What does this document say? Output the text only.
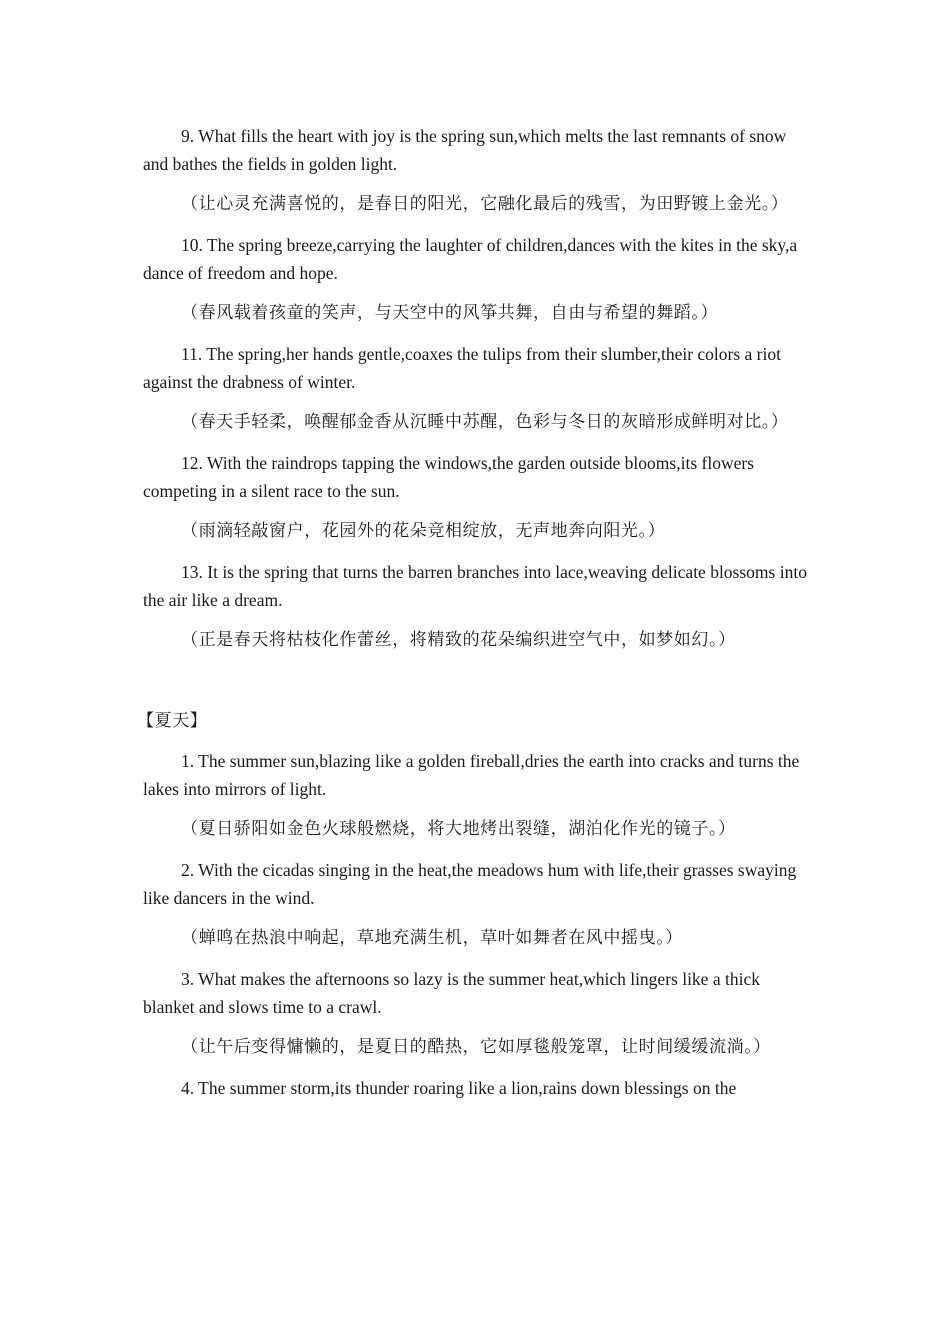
9. What fills the heart with joy is the spring sun,which melts the last remnants of snow and bathes the fields in golden light.

（让心灵充满喜悦的，是春日的阳光，它融化最后的残雪，为田野镀上金光。）

10. The spring breeze,carrying the laughter of children,dances with the kites in the sky,a dance of freedom and hope.

（春风载着孩童的笑声，与天空中的风筝共舞，自由与希望的舞蹈。）

11. The spring,her hands gentle,coaxes the tulips from their slumber,their colors a riot against the drabness of winter.

（春天手轻柔，唤醒郁金香从沉睡中苏醒，色彩与冬日的灰暗形成鲜明对比。）

12. With the raindrops tapping the windows,the garden outside blooms,its flowers competing in a silent race to the sun.

（雨滴轻敲窗户，花园外的花朵竞相绽放，无声地奔向阳光。）

13. It is the spring that turns the barren branches into lace,weaving delicate blossoms into the air like a dream.

（正是春天将枯枝化作蕾丝，将精致的花朵编织进空气中，如梦如幻。）

【夏天】

1. The summer sun,blazing like a golden fireball,dries the earth into cracks and turns the lakes into mirrors of light.

（夏日骄阳如金色火球般燃烧，将大地烤出裂缝，湖泊化作光的镜子。）

2. With the cicadas singing in the heat,the meadows hum with life,their grasses swaying like dancers in the wind.

（蝉鸣在热浪中响起，草地充满生机，草叶如舞者在风中摇曳。）

3. What makes the afternoons so lazy is the summer heat,which lingers like a thick blanket and slows time to a crawl.

（让午后变得慵懒的，是夏日的酷热，它如厚毯般笼罩，让时间缓缓流淌。）

4. The summer storm,its thunder roaring like a lion,rains down blessings on the
